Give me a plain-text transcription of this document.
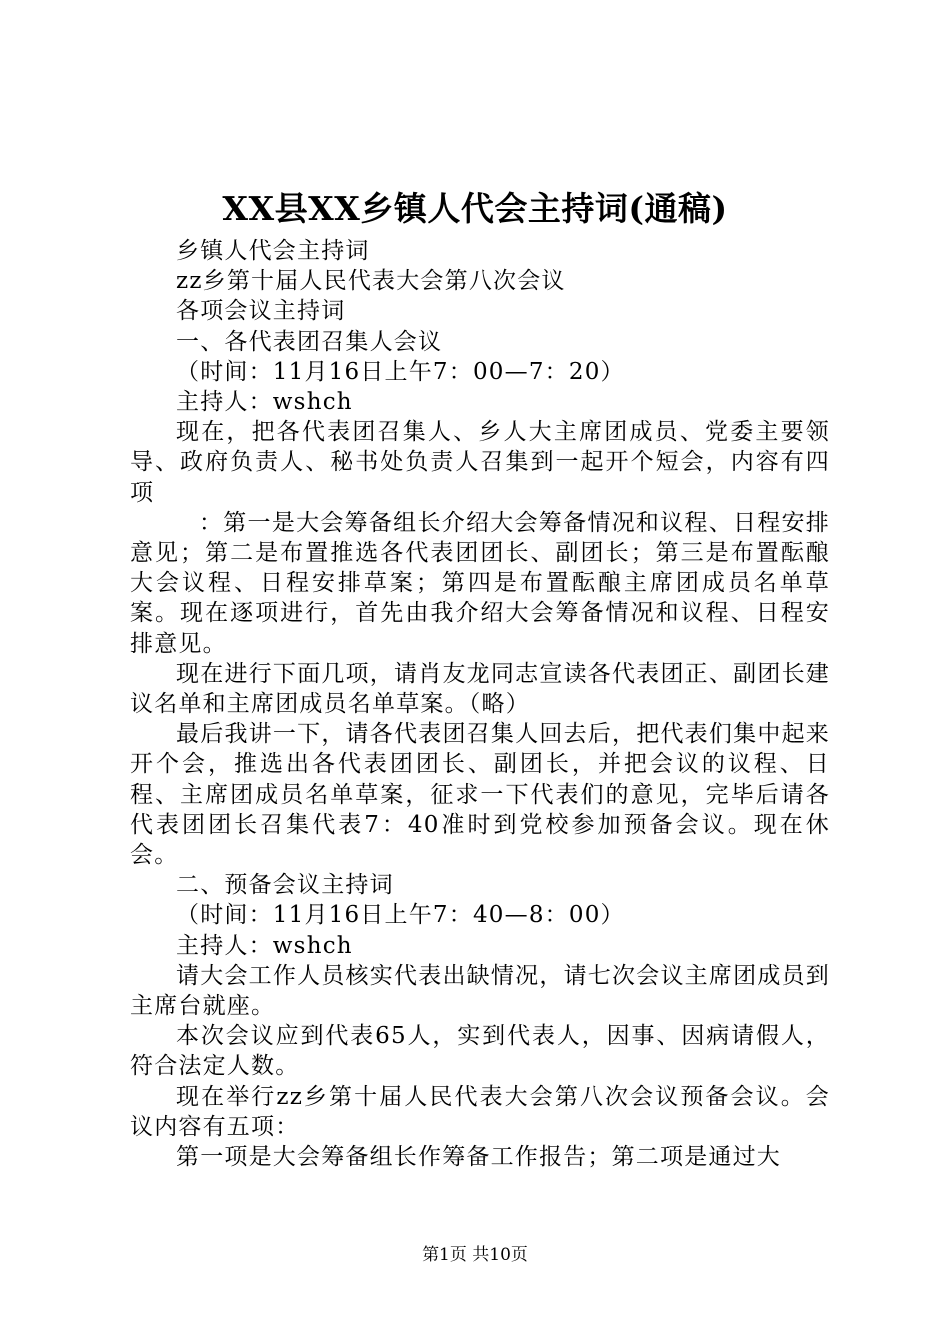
XX县XX乡镇人代会主持词(通稿)

乡镇人代会主持词

zz乡第十届人民代表大会第八次会议

各项会议主持词

一、各代表团召集人会议

（时间：11月16日上午7：00—7：20）

主持人：wshch

现在，把各代表团召集人、乡人大主席团成员、党委主要领导、政府负责人、秘书处负责人召集到一起开个短会，内容有四项

：第一是大会筹备组长介绍大会筹备情况和议程、日程安排意见；第二是布置推选各代表团团长、副团长；第三是布置酝酿大会议程、日程安排草案；第四是布置酝酿主席团成员名单草案。现在逐项进行，首先由我介绍大会筹备情况和议程、日程安排意见。

现在进行下面几项，请肖友龙同志宣读各代表团正、副团长建议名单和主席团成员名单草案。（略）

最后我讲一下，请各代表团召集人回去后，把代表们集中起来开个会，推选出各代表团团长、副团长，并把会议的议程、日程、主席团成员名单草案，征求一下代表们的意见，完毕后请各代表团团长召集代表7：40准时到党校参加预备会议。现在休会。

二、预备会议主持词

（时间：11月16日上午7：40—8：00）

主持人：wshch

请大会工作人员核实代表出缺情况，请七次会议主席团成员到主席台就座。

本次会议应到代表65人，实到代表人，因事、因病请假人，符合法定人数。

现在举行zz乡第十届人民代表大会第八次会议预备会议。会议内容有五项：

第一项是大会筹备组长作筹备工作报告；第二项是通过大

第1页 共10页
